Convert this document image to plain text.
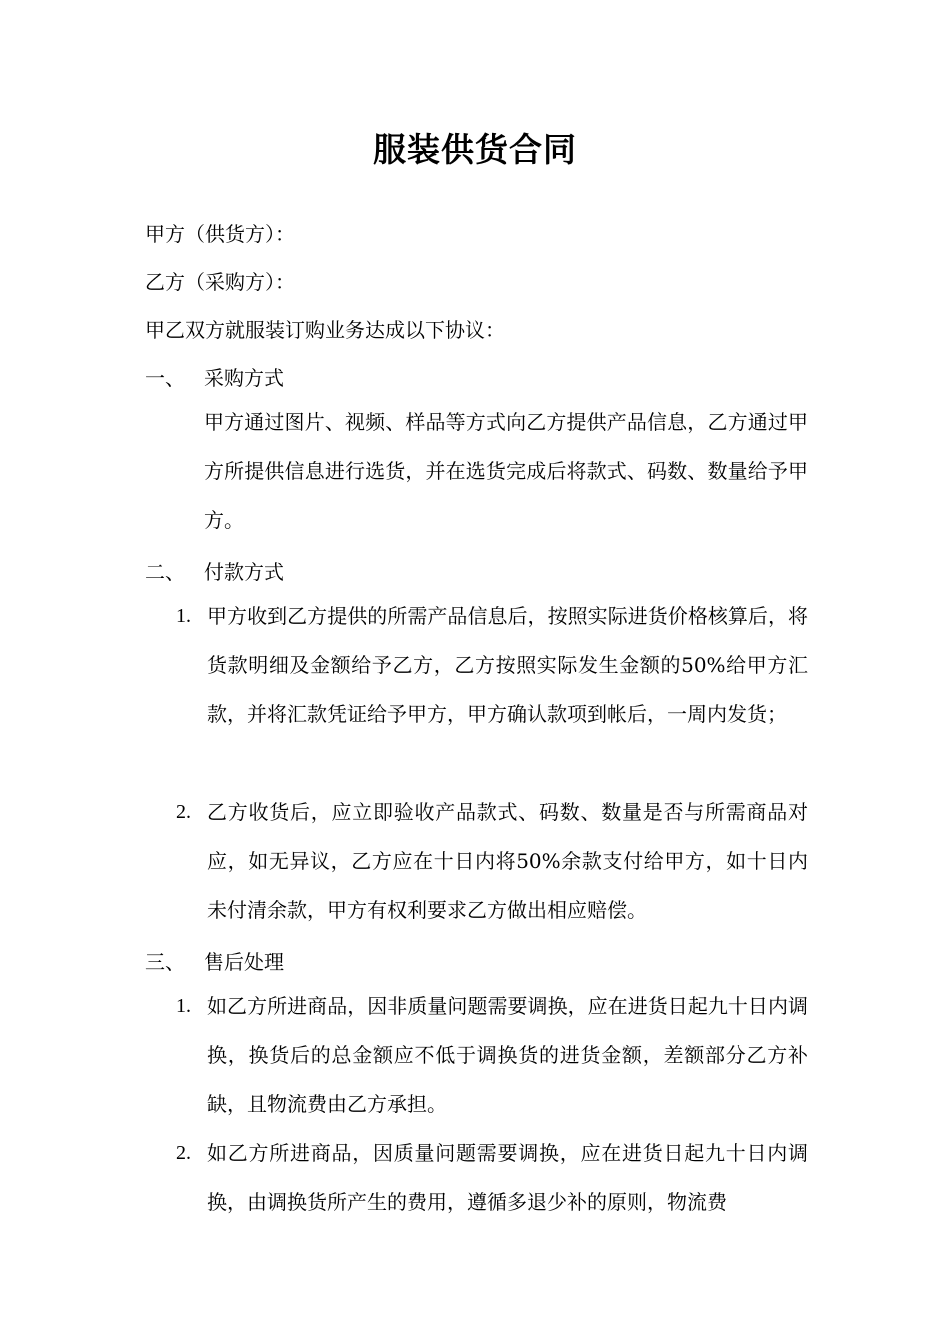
服装供货合同
甲方（供货方）：
乙方（采购方）：
甲乙双方就服装订购业务达成以下协议：
一、 采购方式
甲方通过图片、视频、样品等方式向乙方提供产品信息，乙方通过甲方所提供信息进行选货，并在选货完成后将款式、码数、数量给予甲方。
二、 付款方式
1. 甲方收到乙方提供的所需产品信息后，按照实际进货价格核算后，将货款明细及金额给予乙方，乙方按照实际发生金额的50%给甲方汇款，并将汇款凭证给予甲方，甲方确认款项到帐后，一周内发货；
2. 乙方收货后，应立即验收产品款式、码数、数量是否与所需商品对应，如无异议，乙方应在十日内将50%余款支付给甲方，如十日内未付清余款，甲方有权利要求乙方做出相应赔偿。
三、 售后处理
1. 如乙方所进商品，因非质量问题需要调换，应在进货日起九十日内调换，换货后的总金额应不低于调换货的进货金额，差额部分乙方补缺，且物流费由乙方承担。
2. 如乙方所进商品，因质量问题需要调换，应在进货日起九十日内调换，由调换货所产生的费用，遵循多退少补的原则，物流费
